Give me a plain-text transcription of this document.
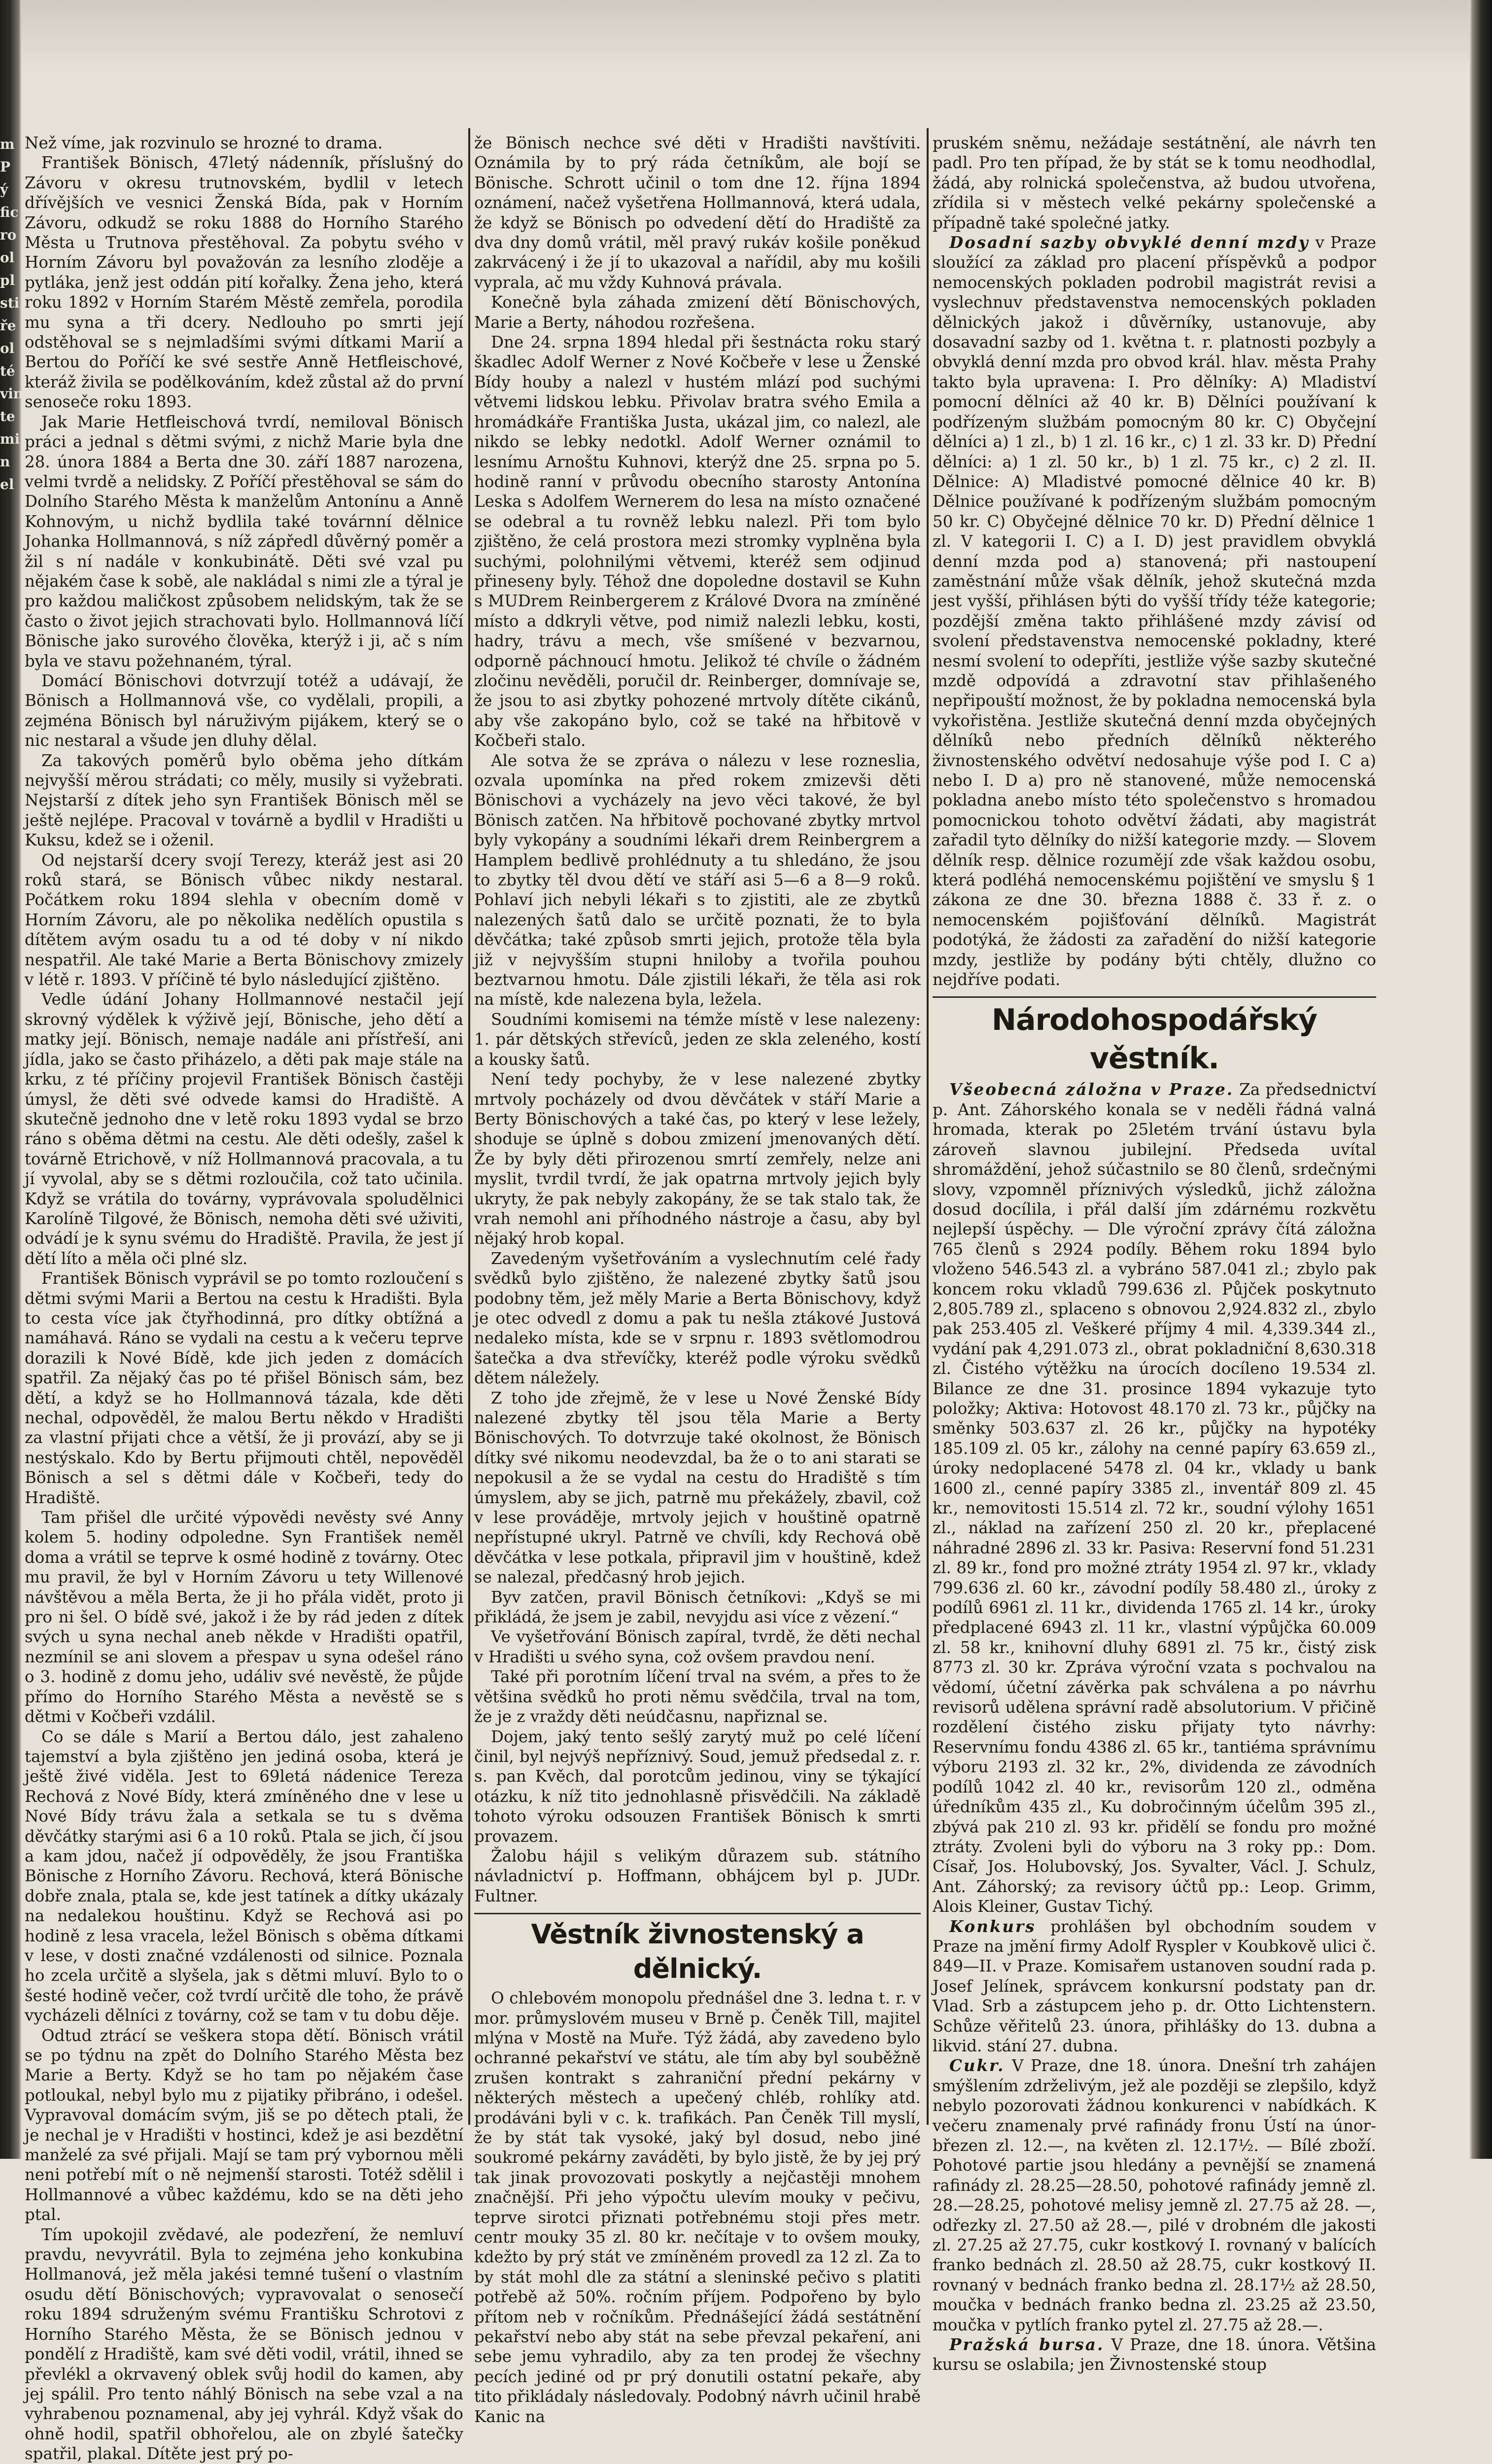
m
P
ý
fic
ro
ol
pl
sti
ře
ol
té
vin
te
mi
n
el

Než víme, jak rozvinulo se hrozné to drama.

František Bönisch, 47letý nádenník, příslušný do Závoru v okresu trutnovském, bydlil v letech dřívějších ve vesnici Ženská Bída, pak v Horním Závoru, odkudž se roku 1888 do Horního Starého Města u Trutnova přestěhoval. Za pobytu svého v Horním Závoru byl považován za lesního zloděje a pytláka, jenž jest oddán pití kořalky. Žena jeho, která roku 1892 v Horním Starém Městě zemřela, porodila mu syna a tři dcery. Nedlouho po smrti její odstěhoval se s nejmladšími svými dítkami Marií a Bertou do Poříčí ke své sestře Anně Hetfleischové, kteráž živila se podělkováním, kdež zůstal až do první senoseče roku 1893.

Jak Marie Hetfleischová tvrdí, nemiloval Bönisch práci a jednal s dětmi svými, z nichž Marie byla dne 28. února 1884 a Berta dne 30. září 1887 narozena, velmi tvrdě a nelidsky. Z Poříčí přestěhoval se sám do Dolního Starého Města k manželům Antonínu a Anně Kohnovým, u nichž bydlila také továrnní dělnice Johanka Hollmannová, s níž zápředl důvěrný poměr a žil s ní nadále v konkubinátě. Děti své vzal pu nějakém čase k sobě, ale nakládal s nimi zle a týral je pro každou maličkost způsobem nelidským, tak že se často o život jejich strachovati bylo. Hollmannová líčí Bönische jako surového člověka, kterýž i ji, ač s ním byla ve stavu požehnaném, týral.

Domácí Bönischovi dotvrzují totéž a udávají, že Bönisch a Hollmannová vše, co vydělali, propili, a zejména Bönisch byl náruživým pijákem, který se o nic nestaral a všude jen dluhy dělal.

Za takových poměrů bylo oběma jeho dítkám nejvyšší měrou strádati; co měly, musily si vyžebrati. Nejstarší z dítek jeho syn František Bönisch měl se ještě nejlépe. Pracoval v továrně a bydlil v Hradišti u Kuksu, kdež se i oženil.

Od nejstarší dcery svojí Terezy, kteráž jest asi 20 roků stará, se Bönisch vůbec nikdy nestaral. Počátkem roku 1894 slehla v obecním domě v Horním Závoru, ale po několika nedělích opustila s dítětem avým osadu tu a od té doby v ní nikdo nespatřil. Ale také Marie a Berta Bönischovy zmizely v létě r. 1893. V příčině té bylo následující zjištěno.

Vedle údání Johany Hollmannové nestačil její skrovný výdělek k výživě její, Bönische, jeho dětí a matky její. Bönisch, nemaje nadále ani přístřeší, ani jídla, jako se často přiházelo, a děti pak maje stále na krku, z té příčiny projevil František Bönisch častěji úmysl, že děti své odvede kamsi do Hradiště. A skutečně jednoho dne v letě roku 1893 vydal se brzo ráno s oběma dětmi na cestu. Ale děti odešly, zašel k továrně Etrichově, v níž Hollmannová pracovala, a tu jí vyvolal, aby se s dětmi rozloučila, což tato učinila. Když se vrátila do továrny, vyprávovala spoludělnici Karolíně Tilgové, že Bönisch, nemoha děti své uživiti, odvádí je k synu svému do Hradiště. Pravila, že jest jí dětí líto a měla oči plné slz.

František Bönisch vyprávil se po tomto rozloučení s dětmi svými Marii a Bertou na cestu k Hradišti. Byla to cesta více jak čtyřhodinná, pro dítky obtížná a namáhavá. Ráno se vydali na cestu a k večeru teprve dorazili k Nové Bídě, kde jich jeden z domácích spatřil. Za nějaký čas po té přišel Bönisch sám, bez dětí, a když se ho Hollmannová tázala, kde děti nechal, odpověděl, že malou Bertu někdo v Hradišti za vlastní přijati chce a větší, že ji provází, aby se ji nestýskalo. Kdo by Bertu přijmouti chtěl, nepověděl Bönisch a sel s dětmi dále v Kočbeři, tedy do Hradiště.

Tam přišel dle určité výpovědi nevěsty své Anny kolem 5. hodiny odpoledne. Syn František neměl doma a vrátil se teprve k osmé hodině z továrny. Otec mu pravil, že byl v Horním Závoru u tety Willenové návštěvou a měla Berta, že ji ho přála vidět, proto ji pro ni šel. O bídě své, jakož i že by rád jeden z dítek svých u syna nechal aneb někde v Hradišti opatřil, nezmínil se ani slovem a přespav u syna odešel ráno o 3. hodině z domu jeho, událiv své nevěstě, že půjde přímo do Horního Starého Města a nevěstě se s dětmi v Kočbeři vzdálil.

Co se dále s Marií a Bertou dálo, jest zahaleno tajemství a byla zjištěno jen jediná osoba, která je ještě živé viděla. Jest to 69letá nádenice Tereza Rechová z Nové Bídy, která zmíněného dne v lese u Nové Bídy trávu žala a setkala se tu s dvěma děvčátky starými asi 6 a 10 roků. Ptala se jich, čí jsou a kam jdou, načež jí odpověděly, že jsou Františka Bönische z Horního Závoru. Rechová, která Bönische dobře znala, ptala se, kde jest tatínek a dítky ukázaly na nedalekou houštinu. Když se Rechová asi po hodině z lesa vracela, ležel Bönisch s oběma dítkami v lese, v dosti značné vzdálenosti od silnice. Poznala ho zcela určitě a slyšela, jak s dětmi mluví. Bylo to o šesté hodině večer, což tvrdí určitě dle toho, že právě vycházeli dělníci z továrny, což se tam v tu dobu děje.

Odtud ztrácí se veškera stopa dětí. Bönisch vrátil se po týdnu na zpět do Dolního Starého Města bez Marie a Berty. Když se ho tam po nějakém čase potloukal, nebyl bylo mu z pijatiky přibráno, i odešel. Vypravoval domácím svým, jiš se po dětech ptali, že je nechal je v Hradišti v hostinci, kdež je asi bezdětní manželé za své přijali. Mají se tam prý vybornou měli neni potřebí mít o ně nejmenší starosti. Totéž sdělil i Hollmannové a vůbec každému, kdo se na děti jeho ptal.

Tím upokojil zvědavé, ale podezření, že nemluví pravdu, nevyvrátil. Byla to zejména jeho konkubina Hollmanová, jež měla jakési temné tušení o vlastním osudu dětí Bönischových; vypravovalat o senosečí roku 1894 sdruženým svému Františku Schrotovi z Horního Starého Města, že se Bönisch jednou v pondělí z Hradiště, kam své děti vodil, vrátil, ihned se převlékl a okrvavený oblek svůj hodil do kamen, aby jej spálil. Pro tento náhlý Bönisch na sebe vzal a na vyhrabenou poznamenal, aby jej vyhrál. Když však do ohně hodil, spatřil obhořelou, ale on zbylé šatečky spatřil, plakal. Dítěte jest prý po-

že Bönisch nechce své děti v Hradišti navštíviti. Oznámila by to prý ráda četníkům, ale bojí se Bönische. Schrott učinil o tom dne 12. října 1894 oznámení, načež vyšetřena Hollmannová, která udala, že když se Bönisch po odvedení dětí do Hradiště za dva dny domů vrátil, měl pravý rukáv košile poněkud zakrvácený i že jí to ukazoval a nařídil, aby mu košili vyprala, ač mu vždy Kuhnová právala.

Konečně byla záhada zmizení dětí Bönischových, Marie a Berty, náhodou rozřešena.

Dne 24. srpna 1894 hledal při šestnácta roku starý škadlec Adolf Werner z Nové Kočbeře v lese u Ženské Bídy houby a nalezl v hustém mlází pod suchými větvemi lidskou lebku. Přivolav bratra svého Emila a hromádkáře Františka Justa, ukázal jim, co nalezl, ale nikdo se lebky nedotkl. Adolf Werner oznámil to lesnímu Arnoštu Kuhnovi, kterýž dne 25. srpna po 5. hodině ranní v průvodu obecního starosty Antonína Leska s Adolfem Wernerem do lesa na místo označené se odebral a tu rovněž lebku nalezl. Při tom bylo zjištěno, že celá prostora mezi stromky vyplněna byla suchými, polohnilými větvemi, kteréž sem odjinud přineseny byly. Téhož dne dopoledne dostavil se Kuhn s MUDrem Reinbergerem z Králové Dvora na zmíněné místo a ddkryli větve, pod nimiž nalezli lebku, kosti, hadry, trávu a mech, vše smíšené v bezvarnou, odporně páchnoucí hmotu. Jelikož té chvíle o žádném zločinu nevěděli, poručil dr. Reinberger, domnívaje se, že jsou to asi zbytky pohozené mrtvoly dítěte cikánů, aby vše zakopáno bylo, což se také na hřbitově v Kočbeři stalo.

Ale sotva že se zpráva o nálezu v lese rozneslia, ozvala upomínka na před rokem zmizevši děti Bönischovi a vycházely na jevo věci takové, že byl Bönisch zatčen. Na hřbitově pochované zbytky mrtvol byly vykopány a soudními lékaři drem Reinbergrem a Hamplem bedlivě prohlédnuty a tu shledáno, že jsou to zbytky těl dvou dětí ve stáří asi 5—6 a 8—9 roků. Pohlaví jich nebyli lékaři s to zjistiti, ale ze zbytků nalezených šatů dalo se určitě poznati, že to byla děvčátka; také způsob smrti jejich, protože těla byla již v nejvyšším stupni hniloby a tvořila pouhou beztvarnou hmotu. Dále zjistili lékaři, že těla asi rok na místě, kde nalezena byla, ležela.

Soudními komisemi na témže místě v lese nalezeny: 1. pár dětských střevíců, jeden ze skla zeleného, kostí a kousky šatů.

Není tedy pochyby, že v lese nalezené zbytky mrtvoly pocházely od dvou děvčátek v stáří Marie a Berty Bönischových a také čas, po který v lese ležely, shoduje se úplně s dobou zmizení jmenovaných dětí. Že by byly děti přirozenou smrtí zemřely, nelze ani myslit, tvrdil tvrdí, že jak opatrna mrtvoly jejich byly ukryty, že pak nebyly zakopány, že se tak stalo tak, že vrah nemohl ani příhodného nástroje a času, aby byl nějaký hrob kopal.

Zavedeným vyšetřováním a vyslechnutím celé řady svědků bylo zjištěno, že nalezené zbytky šatů jsou podobny těm, jež měly Marie a Berta Bönischovy, když je otec odvedl z domu a pak tu nešla ztákové Justová nedaleko místa, kde se v srpnu r. 1893 světlomodrou šatečka a dva střevíčky, kteréž podle výroku svědků dětem náležely.

Z toho jde zřejmě, že v lese u Nové Ženské Bídy nalezené zbytky těl jsou těla Marie a Berty Bönischových. To dotvrzuje také okolnost, že Bönisch dítky své nikomu neodevzdal, ba že o to ani starati se nepokusil a že se vydal na cestu do Hradiště s tím úmyslem, aby se jich, patrně mu překážely, zbavil, což v lese prováděje, mrtvoly jejich v houštině opatrně nepřístupné ukryl. Patrně ve chvíli, kdy Rechová obě děvčátka v lese potkala, připravil jim v houštině, kdež se nalezal, předčasný hrob jejich.

Byv zatčen, pravil Bönisch četníkovi: „Kdyš se mi přikládá, že jsem je zabil, nevyjdu asi více z vězení.“

Ve vyšetřování Bönisch zapíral, tvrdě, že děti nechal v Hradišti u svého syna, což ovšem pravdou není.

Také při porotním líčení trval na svém, a přes to že většina svědků ho proti němu svědčila, trval na tom, že je z vraždy děti neúdčasnu, napřiznal se.

Dojem, jaký tento sešlý zarytý muž po celé líčení činil, byl nejvýš nepříznivý. Soud, jemuž předsedal z. r. s. pan Kvěch, dal porotcům jedinou, viny se týkající otázku, k níž tito jednohlasně přisvědčili. Na základě tohoto výroku odsouzen František Bönisch k smrti provazem.

Žalobu hájil s velikým důrazem sub. státního návladnictví p. Hoffmann, obhájcem byl p. JUDr. Fultner.

Věstník živnostenský a dělnický.

O chlebovém monopolu přednášel dne 3. ledna t. r. v mor. průmyslovém museu v Brně p. Čeněk Till, majitel mlýna v Mostě na Muře. Týž žádá, aby zavedeno bylo ochranné pekařství ve státu, ale tím aby byl souběžně zrušen kontrakt s zahraniční přední pekárny v některých městech a upečený chléb, rohlíky atd. prodáváni byli v c. k. trafikách. Pan Čeněk Till myslí, že by stát tak vysoké, jaký byl dosud, nebo jiné soukromé pekárny zaváděti, by bylo jistě, že by jej prý tak jinak provozovati poskytly a nejčastěji mnohem značnější. Při jeho výpočtu ulevím mouky v pečivu, teprve sirotci přiznati potřebnému stoji přes metr. centr mouky 35 zl. 80 kr. nečítaje v to ovšem mouky, kdežto by prý stát ve zmíněném provedl za 12 zl. Za to by stát mohl dle za státní a sleninské pečivo s platiti potřebě až 50%. ročním příjem. Podpořeno by bylo přítom neb v ročníkům. Přednášející žádá sestátnění pekařství nebo aby stát na sebe převzal pekaření, ani sebe jemu vyhradilo, aby za ten prodej že všechny pecích jediné od pr prý donutili ostatní pekaře, aby tito přikládaly následovaly. Podobný návrh učinil hrabě Kanic na

pruském sněmu, nežádaje sestátnění, ale návrh ten padl. Pro ten případ, že by stát se k tomu neodhodlal, žádá, aby rolnická společenstva, až budou utvořena, zřídila si v městech velké pekárny společenské a případně také společné jatky.

Dosadní sazby obvyklé denní mzdy v Praze sloužící za základ pro placení příspěvků a podpor nemocenských pokladen podrobil magistrát revisi a vyslechnuv představenstva nemocenských pokladen dělnických jakož i důvěrníky, ustanovuje, aby dosavadní sazby od 1. května t. r. platnosti pozbyly a obvyklá denní mzda pro obvod král. hlav. města Prahy takto byla upravena: I. Pro dělníky: A) Mladiství pomocní dělníci až 40 kr. B) Dělníci používaní k podřízeným službám pomocným 80 kr. C) Obyčejní dělníci a) 1 zl., b) 1 zl. 16 kr., c) 1 zl. 33 kr. D) Přední dělníci: a) 1 zl. 50 kr., b) 1 zl. 75 kr., c) 2 zl. II. Dělnice: A) Mladistvé pomocné dělnice 40 kr. B) Dělnice používané k podřízeným službám pomocným 50 kr. C) Obyčejné dělnice 70 kr. D) Přední dělnice 1 zl. V kategorii I. C) a I. D) jest pravidlem obvyklá denní mzda pod a) stanovená; při nastoupení zaměstnání může však dělník, jehož skutečná mzda jest vyšší, přihlásen býti do vyšší třídy téže kategorie; pozdější změna takto přihlášené mzdy závisí od svolení představenstva nemocenské pokladny, které nesmí svolení to odepříti, jestliže výše sazby skutečné mzdě odpovídá a zdravotní stav přihlašeného nepřipouští možnost, že by pokladna nemocenská byla vykořistěna. Jestliže skutečná denní mzda obyčejných dělníků nebo předních dělníků některého živnostenského odvětví nedosahuje výše pod I. C a) nebo I. D a) pro ně stanovené, může nemocenská pokladna anebo místo této společenstvo s hromadou pomocnickou tohoto odvětví žádati, aby magistrát zařadil tyto dělníky do nižší kategorie mzdy. — Slovem dělník resp. dělnice rozumějí zde však každou osobu, která podléhá nemocenskému pojištění ve smyslu § 1 zákona ze dne 30. března 1888 č. 33 ř. z. o nemocenském pojišťování dělníků. Magistrát podotýká, že žádosti za zařadění do nižší kategorie mzdy, jestliže by podány býti chtěly, dlužno co nejdříve podati.

Národohospodářský věstník.

Všeobecná záložna v Praze. Za předsednictví p. Ant. Záhorského konala se v neděli řádná valná hromada, kterak po 25letém trvání ústavu byla zároveň slavnou jubilejní. Předseda uvítal shromáždění, jehož súčastnilo se 80 členů, srdečnými slovy, vzpomněl příznivých výsledků, jichž záložna dosud docílila, i přál další jím zdárnému rozkvětu nejlepší úspěchy. — Dle výroční zprávy čítá záložna 765 členů s 2924 podíly. Během roku 1894 bylo vloženo 546.543 zl. a vybráno 587.041 zl.; zbylo pak koncem roku vkladů 799.636 zl. Půjček poskytnuto 2,805.789 zl., splaceno s obnovou 2,924.832 zl., zbylo pak 253.405 zl. Veškeré příjmy 4 mil. 4,339.344 zl., vydání pak 4,291.073 zl., obrat pokladniční 8,630.318 zl. Čistého výtěžku na úrocích docíleno 19.534 zl. Bilance ze dne 31. prosince 1894 vykazuje tyto položky; Aktiva: Hotovost 48.170 zl. 73 kr., půjčky na směnky 503.637 zl. 26 kr., půjčky na hypotéky 185.109 zl. 05 kr., zálohy na cenné papíry 63.659 zl., úroky nedoplacené 5478 zl. 04 kr., vklady u bank 1600 zl., cenné papíry 3385 zl., inventář 809 zl. 45 kr., nemovitosti 15.514 zl. 72 kr., soudní výlohy 1651 zl., náklad na zařízení 250 zl. 20 kr., přeplacené náhradné 2896 zl. 33 kr. Pasiva: Reservní fond 51.231 zl. 89 kr., fond pro možné ztráty 1954 zl. 97 kr., vklady 799.636 zl. 60 kr., závodní podíly 58.480 zl., úroky z podílů 6961 zl. 11 kr., dividenda 1765 zl. 14 kr., úroky předplacené 6943 zl. 11 kr., vlastní výpůjčka 60.009 zl. 58 kr., knihovní dluhy 6891 zl. 75 kr., čistý zisk 8773 zl. 30 kr. Zpráva výroční vzata s pochvalou na vědomí, účetní závěrka pak schválena a po návrhu revisorů udělena správní radě absolutorium. V přičině rozdělení čistého zisku přijaty tyto návrhy: Reservnímu fondu 4386 zl. 65 kr., tantiéma správnímu výboru 2193 zl. 32 kr., 2%, dividenda ze závodních podílů 1042 zl. 40 kr., revisorům 120 zl., odměna úředníkům 435 zl., Ku dobročinným účelům 395 zl., zbývá pak 210 zl. 93 kr. přidělí se fondu pro možné ztráty. Zvoleni byli do výboru na 3 roky pp.: Dom. Císař, Jos. Holubovský, Jos. Syvalter, Václ. J. Schulz, Ant. Záhorský; za revisory účtů pp.: Leop. Grimm, Alois Kleiner, Gustav Tichý.

Konkurs prohlášen byl obchodním soudem v Praze na jmění firmy Adolf Ryspler v Koubkově ulici č. 849—II. v Praze. Komisařem ustanoven soudní rada p. Josef Jelínek, správcem konkursní podstaty pan dr. Vlad. Srb a zástupcem jeho p. dr. Otto Lichtenstern. Schůze věřitelů 23. února, přihlášky do 13. dubna a likvid. stání 27. dubna.

Cukr. V Praze, dne 18. února. Dnešní trh zahájen smýšlením zdrželivým, jež ale později se zlepšilo, když nebylo pozorovati žádnou konkurenci v nabídkách. K večeru znamenaly prvé rafinády fronu Ústí na únor-březen zl. 12.—, na květen zl. 12.17½. — Bílé zboží. Pohotové partie jsou hledány a pevnější se znamená rafinády zl. 28.25—28.50, pohotové rafinády jemně zl. 28.—28.25, pohotové melisy jemně zl. 27.75 až 28. —, odřezky zl. 27.50 až 28.—, pilé v drobném dle jakosti zl. 27.25 až 27.75, cukr kostkový I. rovnaný v balících franko bednách zl. 28.50 až 28.75, cukr kostkový II. rovnaný v bednách franko bedna zl. 28.17½ až 28.50, moučka v bednách franko bedna zl. 23.25 až 23.50, moučka v pytlích franko pytel zl. 27.75 až 28.—.

Pražská bursa. V Praze, dne 18. února. Většina kursu se oslabila; jen Živnostenské stoup
